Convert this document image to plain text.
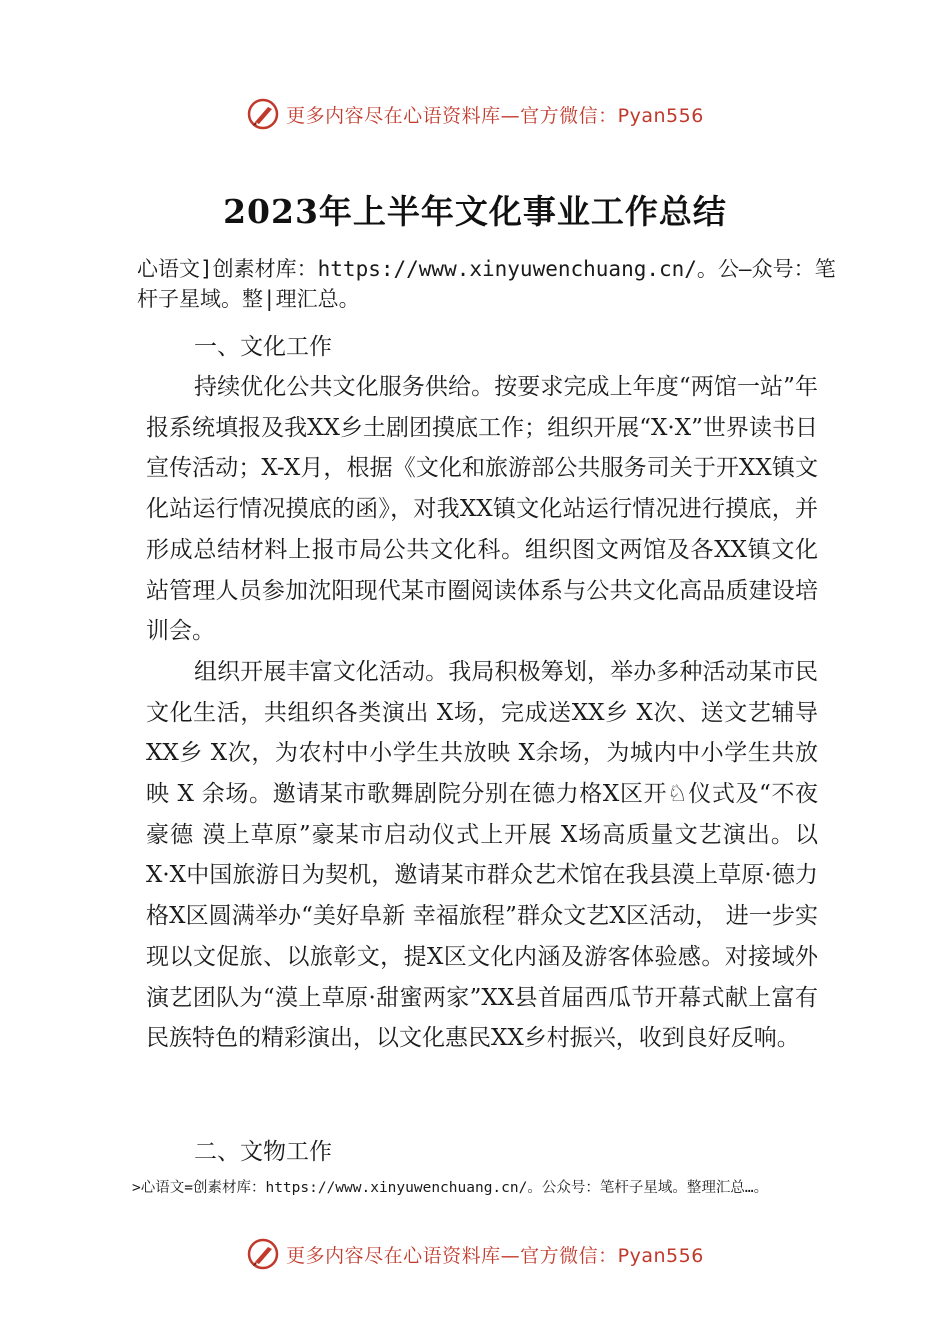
更多内容尽在心语资料库—官方微信：Pyan556
2023年上半年文化事业工作总结

心语文]创素材库：https://www.xinyuwenchuang.cn/。公—众号：笔杆子星域。整|理汇总。

一、文化工作

持续优化公共文化服务供给。按要求完成上年度“两馆一站”年报系统填报及我XX乡土剧团摸底工作；组织开展“X·X”世界读书日宣传活动；X-X月，根据《文化和旅游部公共服务司关于开XX镇文化站运行情况摸底的函》，对我XX镇文化站运行情况进行摸底，并形成总结材料上报市局公共文化科。组织图文两馆及各XX镇文化站管理人员参加沈阳现代某市圈阅读体系与公共文化高品质建设培训会。

组织开展丰富文化活动。我局积极筹划，举办多种活动某市民文化生活，共组织各类演出 X场，完成送XX乡 X次、送文艺辅导XX乡 X次，为农村中小学生共放映 X余场，为城内中小学生共放映 X 余场。邀请某市歌舞剧院分别在德力格X区开♘仪式及“不夜豪德 漠上草原”豪某市启动仪式上开展 X场高质量文艺演出。以 X·X中国旅游日为契机，邀请某市群众艺术馆在我县漠上草原·德力格X区圆满举办“美好阜新 幸福旅程”群众文艺X区活动， 进一步实现以文促旅、以旅彰文，提X区文化内涵及游客体验感。对接域外演艺团队为“漠上草原·甜蜜两家”XX县首届西瓜节开幕式献上富有民族特色的精彩演出，以文化惠民XX乡村振兴，收到良好反响。

二、文物工作

>心语文=创素材库：https://www.xinyuwenchuang.cn/。公众号：笔杆子星域。整理汇总…。

更多内容尽在心语资料库—官方微信：Pyan556
